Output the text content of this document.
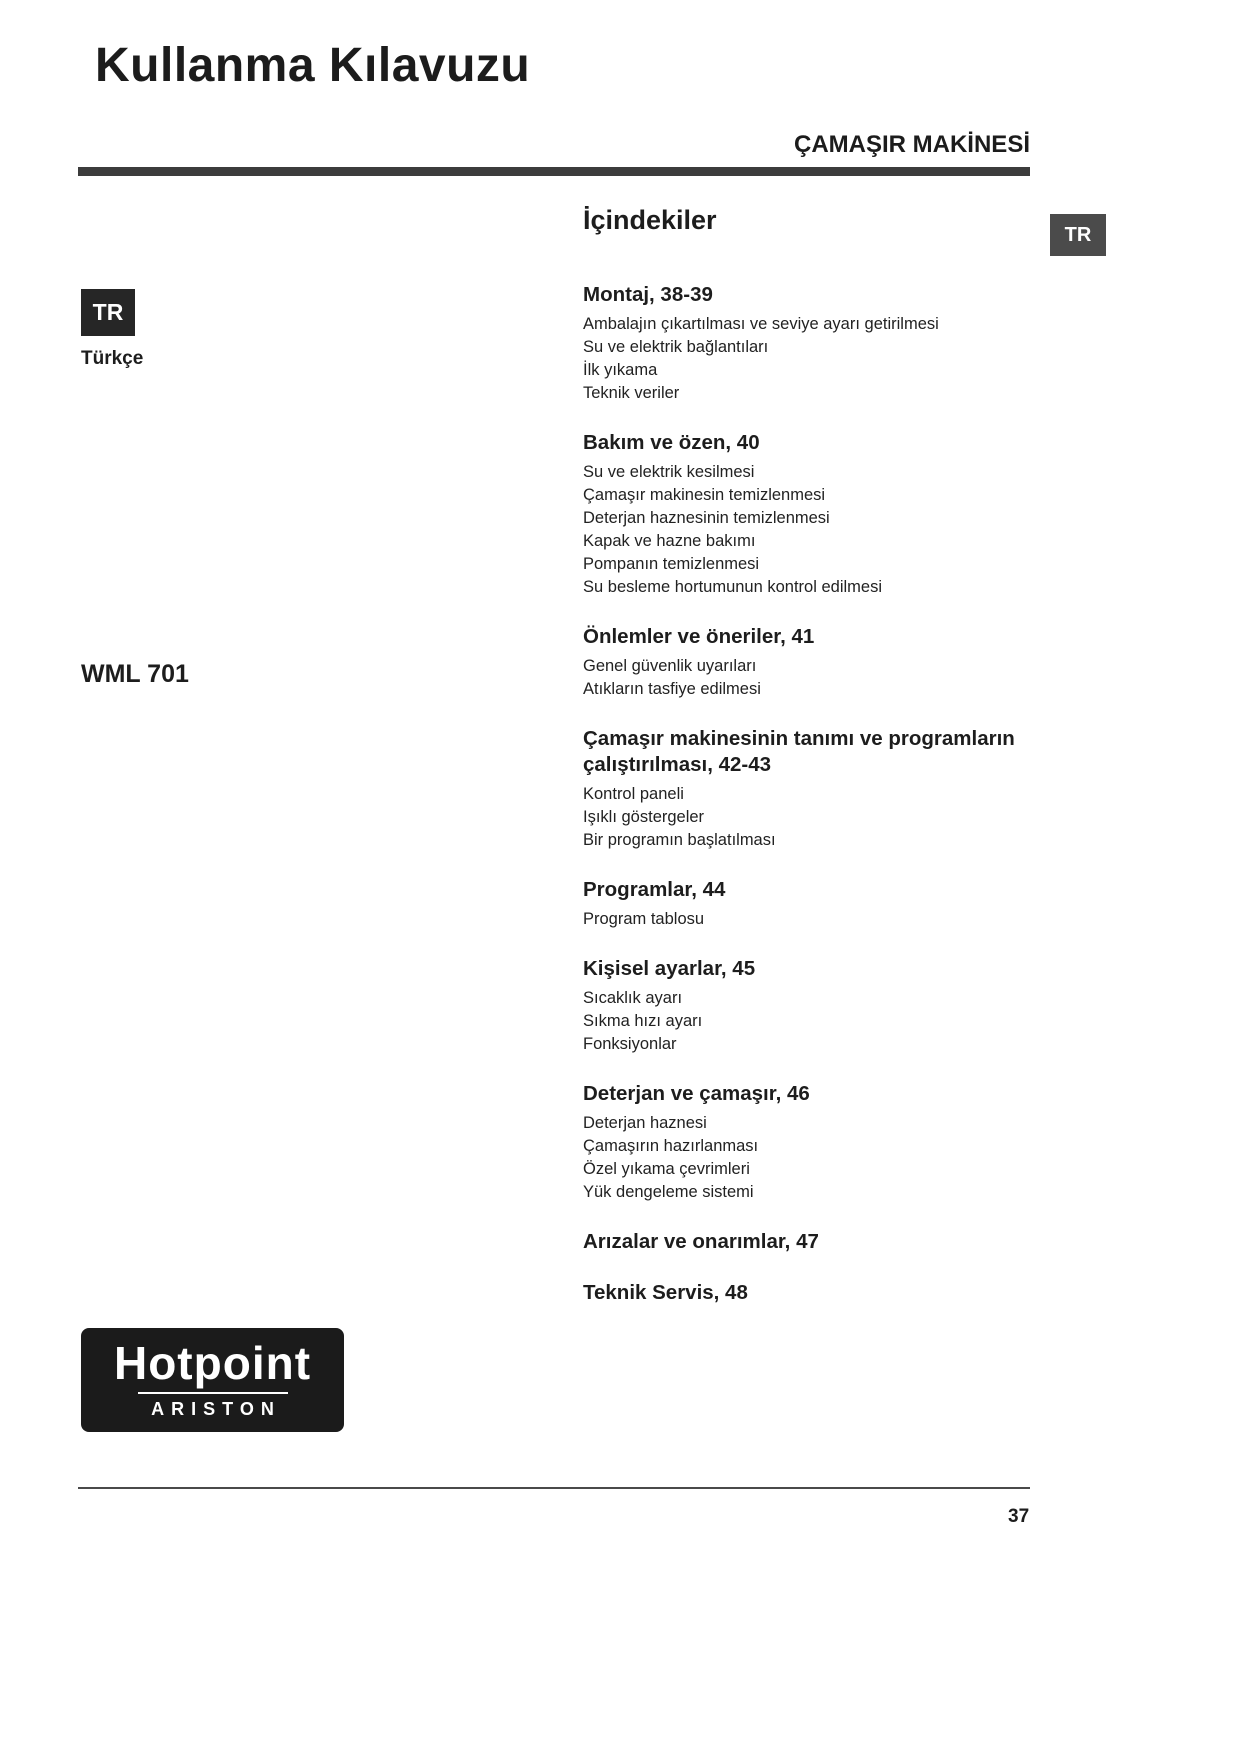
Kullanma Kılavuzu
ÇAMAŞIR MAKİNESİ
TR
TR
Türkçe
WML 701
İçindekiler
Montaj, 38-39
Ambalajın çıkartılması ve seviye ayarı getirilmesi
Su ve elektrik bağlantıları
İlk yıkama
Teknik veriler
Bakım ve özen, 40
Su ve elektrik kesilmesi
Çamaşır makinesin temizlenmesi
Deterjan haznesinin temizlenmesi
Kapak ve hazne bakımı
Pompanın temizlenmesi
Su besleme hortumunun kontrol edilmesi
Önlemler ve öneriler, 41
Genel güvenlik uyarıları
Atıkların tasfiye edilmesi
Çamaşır makinesinin tanımı ve programların çalıştırılması, 42-43
Kontrol paneli
Işıklı göstergeler
Bir programın başlatılması
Programlar, 44
Program tablosu
Kişisel ayarlar, 45
Sıcaklık ayarı
Sıkma hızı ayarı
Fonksiyonlar
Deterjan ve çamaşır, 46
Deterjan haznesi
Çamaşırın hazırlanması
Özel yıkama çevrimleri
Yük dengeleme sistemi
Arızalar ve onarımlar, 47
Teknik Servis, 48
Hotpoint
ARISTON
37
